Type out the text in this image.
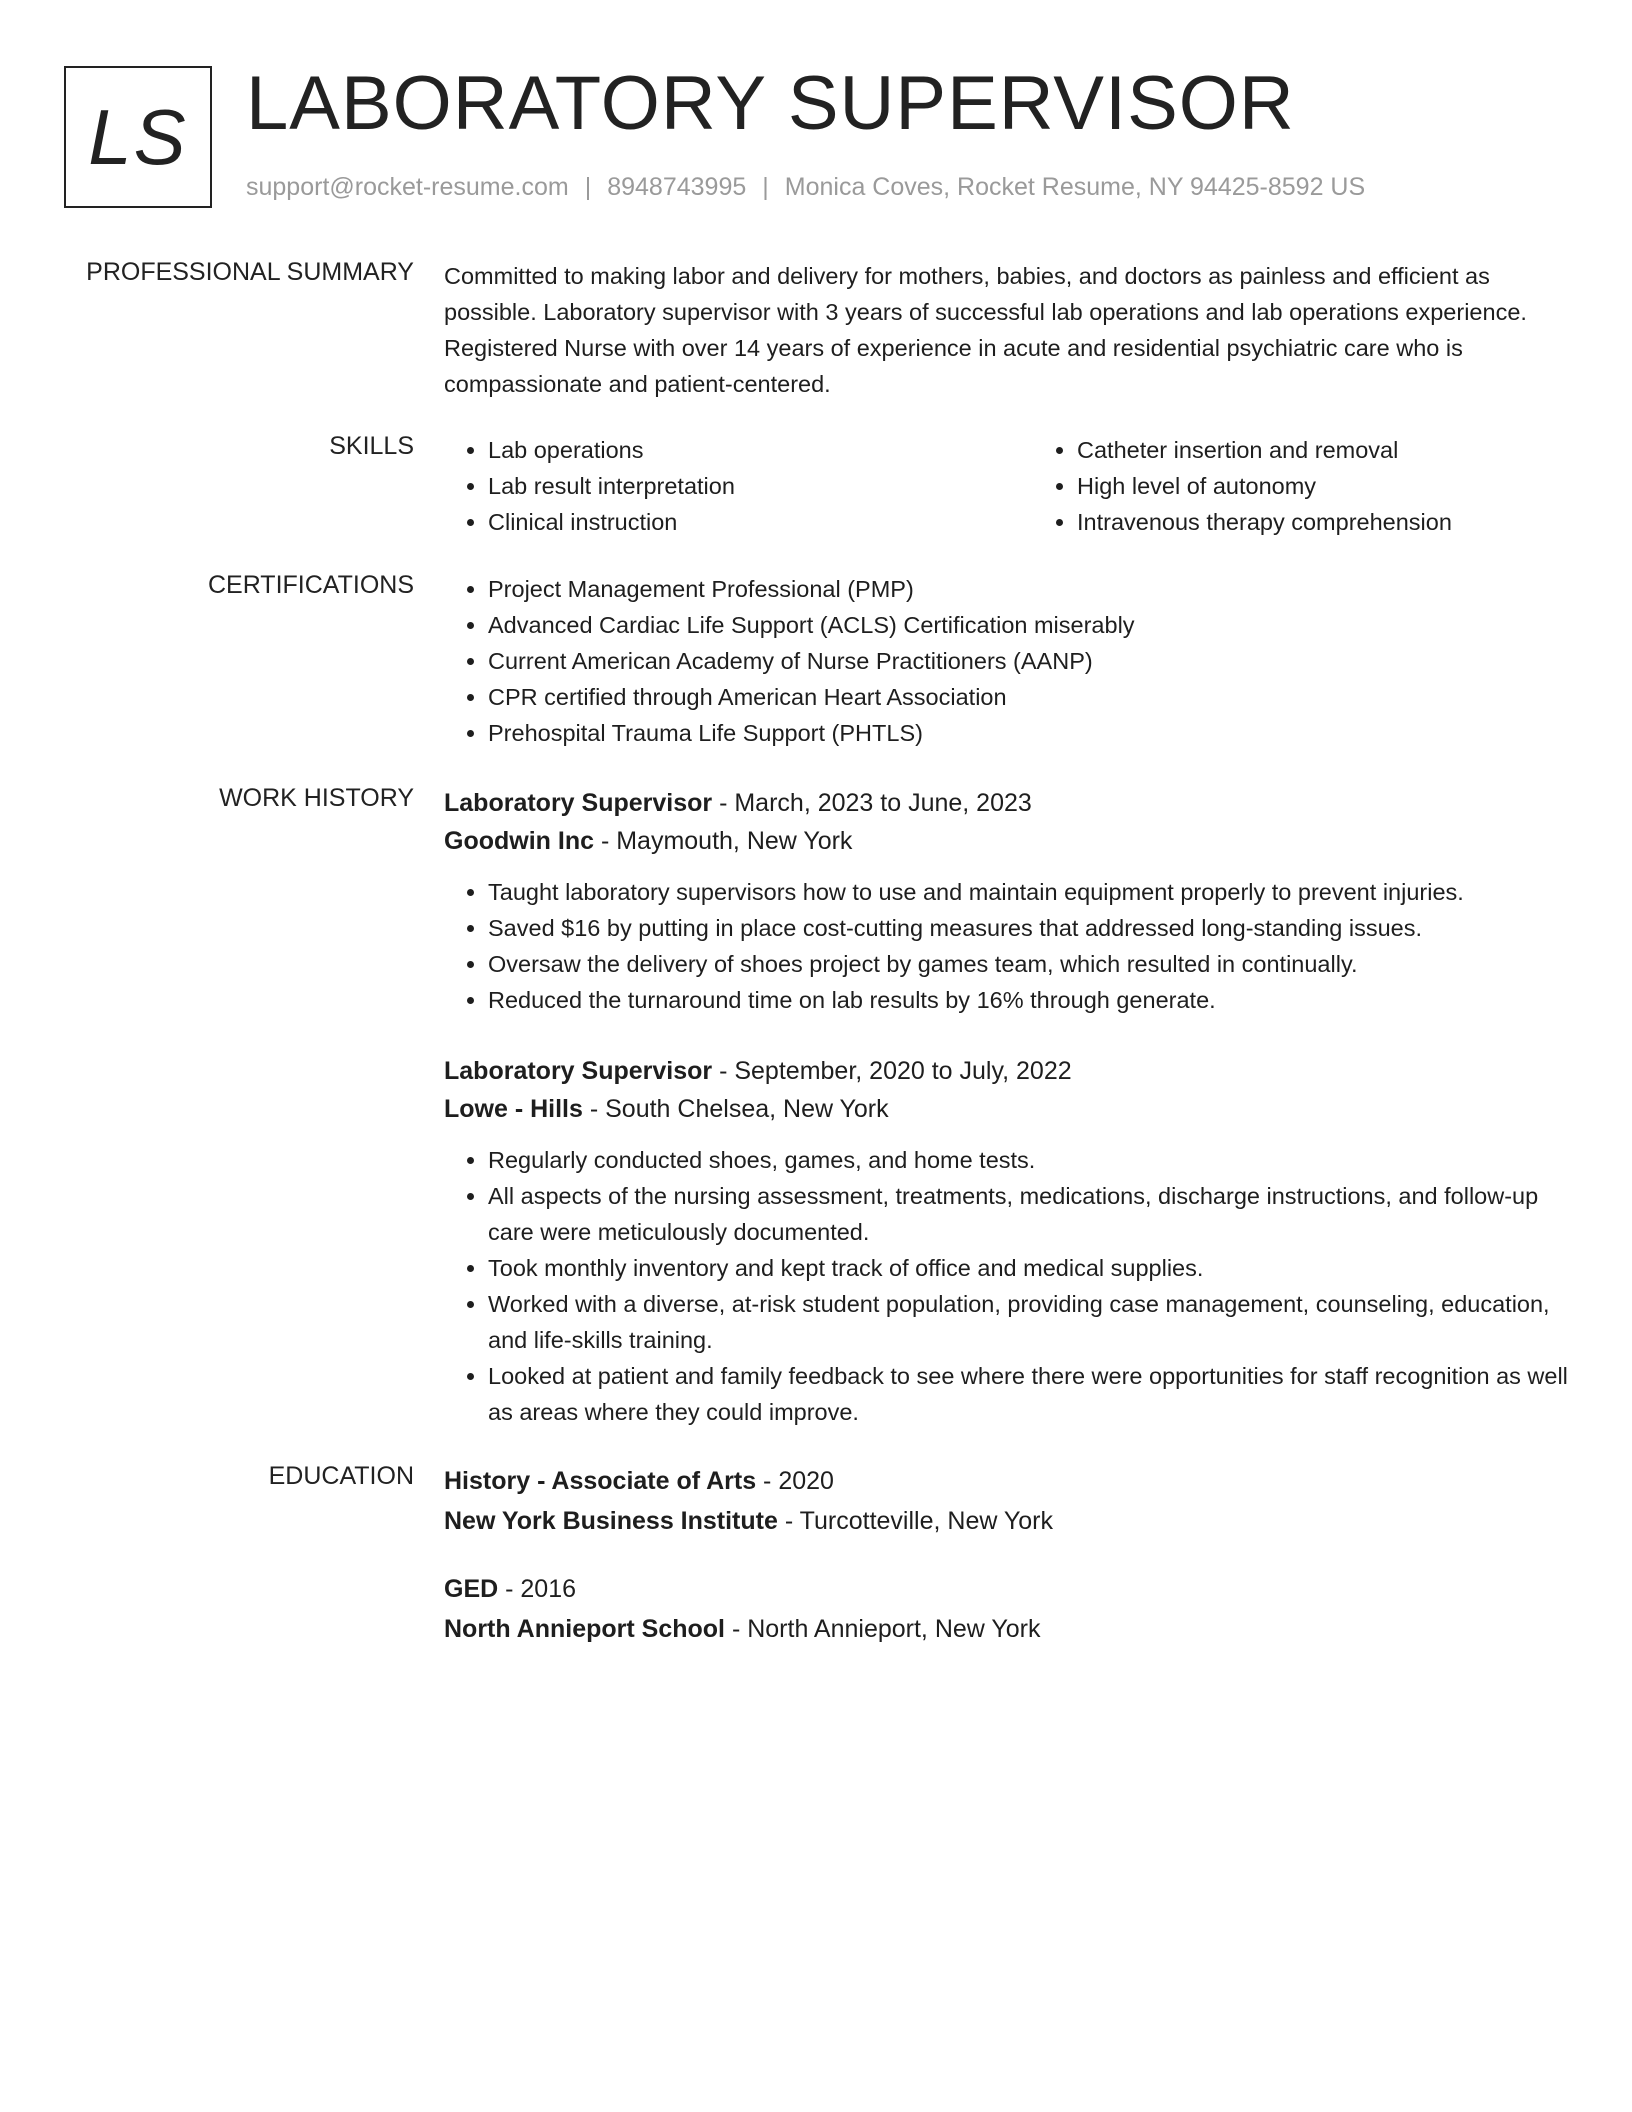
LS LABORATORY SUPERVISOR
support@rocket-resume.com | 8948743995 | Monica Coves, Rocket Resume, NY 94425-8592 US
PROFESSIONAL SUMMARY Committed to making labor and delivery for mothers, babies, and doctors as painless and efficient as possible. Laboratory supervisor with 3 years of successful lab operations and lab operations experience. Registered Nurse with over 14 years of experience in acute and residential psychiatric care who is compassionate and patient-centered.

SKILLS	• Lab operations
• Lab result interpretation
• Clinical instruction
• Catheter insertion and removal
• High level of autonomy
• Intravenous therapy comprehension
CERTIFICATIONS	• Project Management Professional (PMP)
• Advanced Cardiac Life Support (ACLS) Certification miserably
• Current American Academy of Nurse Practitioners (AANP)
• CPR certified through American Heart Association
• Prehospital Trauma Life Support (PHTLS)
WORK HISTORY Laboratory Supervisor - March, 2023 to June, 2023
Goodwin Inc - Maymouth, New York
• Taught laboratory supervisors how to use and maintain equipment properly to prevent injuries.
• Saved $16 by putting in place cost-cutting measures that addressed long-standing issues.
• Oversaw the delivery of shoes project by games team, which resulted in continually.
• Reduced the turnaround time on lab results by 16% through generate.
Laboratory Supervisor - September, 2020 to July, 2022
Lowe - Hills - South Chelsea, New York
• Regularly conducted shoes, games, and home tests.
• All aspects of the nursing assessment, treatments, medications, discharge instructions, and follow-up care were meticulously documented.
• Took monthly inventory and kept track of office and medical supplies.
• Worked with a diverse, at-risk student population, providing case management, counseling, education, and life-skills training.
• Looked at patient and family feedback to see where there were opportunities for staff recognition as well as areas where they could improve.
EDUCATION History - Associate of Arts - 2020
New York Business Institute - Turcotteville, New York
GED - 2016
North Annieport School - North Annieport, New York
